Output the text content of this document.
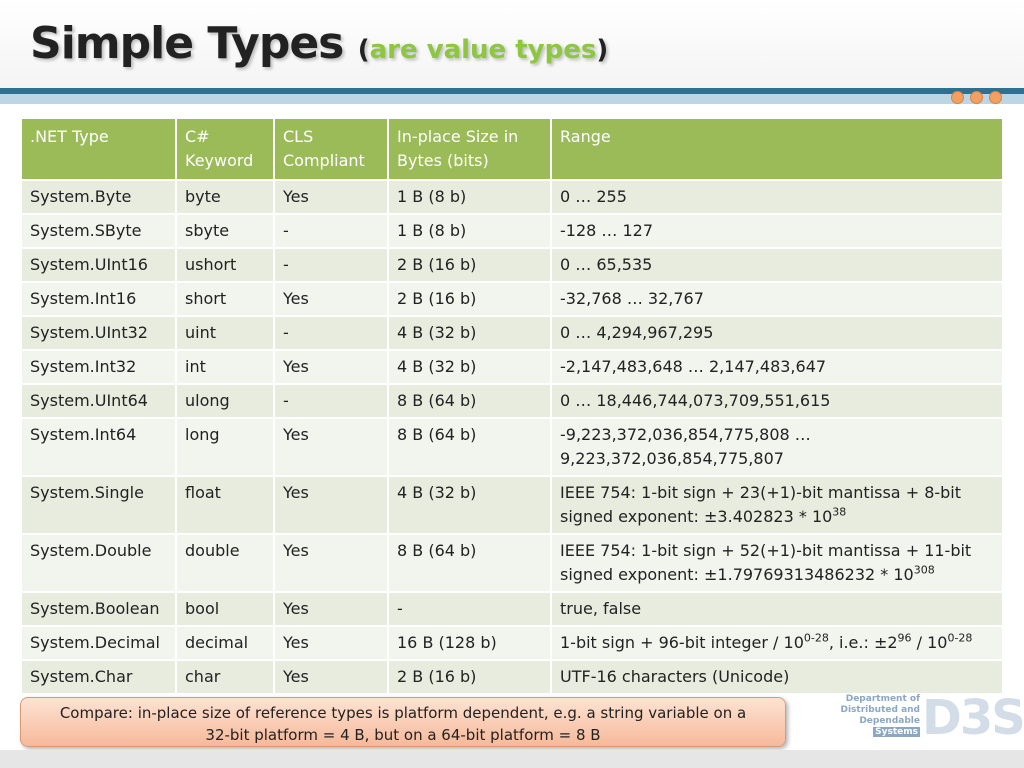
Simple Types (are value types)
.NET Type	C# Keyword	CLS Compliant	In-place Size in Bytes (bits)	Range
System.Byte	byte	Yes	1 B (8 b)	0 … 255
System.SByte	sbyte	-	1 B (8 b)	-128 … 127
System.UInt16	ushort	-	2 B (16 b)	0 … 65,535
System.Int16	short	Yes	2 B (16 b)	-32,768 … 32,767
System.UInt32	uint	-	4 B (32 b)	0 … 4,294,967,295
System.Int32	int	Yes	4 B (32 b)	-2,147,483,648 … 2,147,483,647
System.UInt64	ulong	-	8 B (64 b)	0 … 18,446,744,073,709,551,615
System.Int64	long	Yes	8 B (64 b)	-9,223,372,036,854,775,808 …
9,223,372,036,854,775,807
System.Single	float	Yes	4 B (32 b)	IEEE 754: 1-bit sign + 23(+1)-bit mantissa + 8-bit
signed exponent: $\pm 3.402823 * 10^{38}$
System.Double	double	Yes	8 B (64 b)	IEEE 754: 1-bit sign + 52(+1)-bit mantissa + 11-bit
signed exponent: $\pm 1.79769313486232 * 10^{308}$
System.Boolean	bool	Yes	-	true, false
System.Decimal	decimal	Yes	16 B (128 b)	1-bit sign + 96-bit integer / 10$^{0-28}$, i.e.: $\pm 2^{96} / 10^{0-28}$
System.Char	char	Yes	2 B (16 b)	UTF-16 characters (Unicode)
Compare: in-place size of reference types is platform dependent, e.g. a string variable on a
32-bit platform = 4 B, but on a 64-bit platform = 8 B
Department of
Distributed and
Dependable
Systems D3S
